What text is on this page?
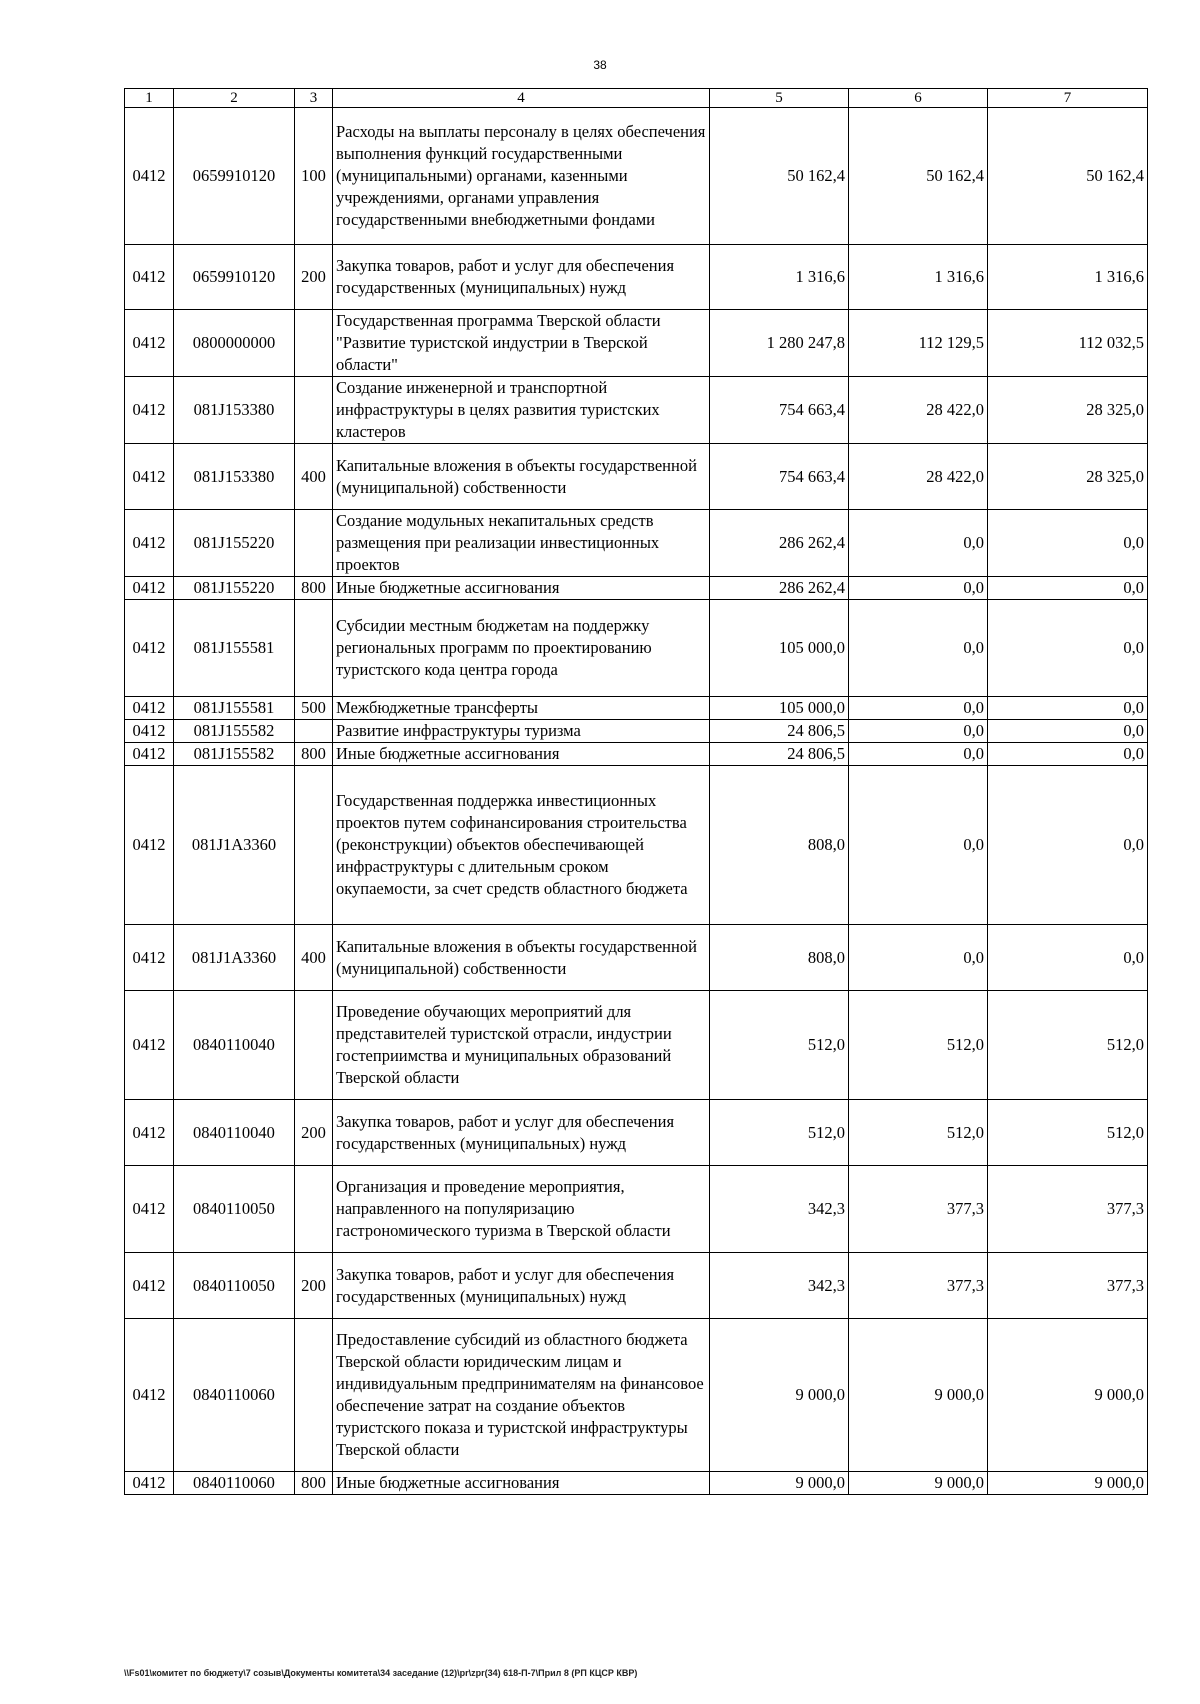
38
1	2	3	4	5	6	7
0412	0659910120	100	Расходы на выплаты персоналу в целях обеспечения выполнения функций государственными (муниципальными) органами, казенными учреждениями, органами управления государственными внебюджетными фондами	50 162,4	50 162,4	50 162,4
0412	0659910120	200	Закупка товаров, работ и услуг для обеспечения государственных (муниципальных) нужд	1 316,6	1 316,6	1 316,6
0412	0800000000		Государственная программа Тверской области "Развитие туристской индустрии в Тверской области"	1 280 247,8	112 129,5	112 032,5
0412	081J153380		Создание инженерной и транспортной инфраструктуры в целях развития туристских кластеров	754 663,4	28 422,0	28 325,0
0412	081J153380	400	Капитальные вложения в объекты государственной (муниципальной) собственности	754 663,4	28 422,0	28 325,0
0412	081J155220		Создание модульных некапитальных средств размещения при реализации инвестиционных проектов	286 262,4	0,0	0,0
0412	081J155220	800	Иные бюджетные ассигнования	286 262,4	0,0	0,0
0412	081J155581		Субсидии местным бюджетам на поддержку региональных программ по проектированию туристского кода центра города	105 000,0	0,0	0,0
0412	081J155581	500	Межбюджетные трансферты	105 000,0	0,0	0,0
0412	081J155582		Развитие инфраструктуры туризма	24 806,5	0,0	0,0
0412	081J155582	800	Иные бюджетные ассигнования	24 806,5	0,0	0,0
0412	081J1A3360		Государственная поддержка инвестиционных проектов путем софинансирования строительства (реконструкции) объектов обеспечивающей инфраструктуры с длительным сроком окупаемости, за счет средств областного бюджета	808,0	0,0	0,0
0412	081J1A3360	400	Капитальные вложения в объекты государственной (муниципальной) собственности	808,0	0,0	0,0
0412	0840110040		Проведение обучающих мероприятий для представителей туристской отрасли, индустрии гостеприимства и муниципальных образований Тверской области	512,0	512,0	512,0
0412	0840110040	200	Закупка товаров, работ и услуг для обеспечения государственных (муниципальных) нужд	512,0	512,0	512,0
0412	0840110050		Организация и проведение мероприятия, направленного на популяризацию гастрономического туризма в Тверской области	342,3	377,3	377,3
0412	0840110050	200	Закупка товаров, работ и услуг для обеспечения государственных (муниципальных) нужд	342,3	377,3	377,3
0412	0840110060		Предоставление субсидий из областного бюджета Тверской области юридическим лицам и индивидуальным предпринимателям на финансовое обеспечение затрат на создание объектов туристского показа и туристской инфраструктуры Тверской области	9 000,0	9 000,0	9 000,0
0412	0840110060	800	Иные бюджетные ассигнования	9 000,0	9 000,0	9 000,0
\\Fs01\комитет по бюджету\7 созыв\Документы комитета\34 заседание (12)\pr\zpr(34) 618-П-7\Прил 8 (РП КЦСР КВР)
